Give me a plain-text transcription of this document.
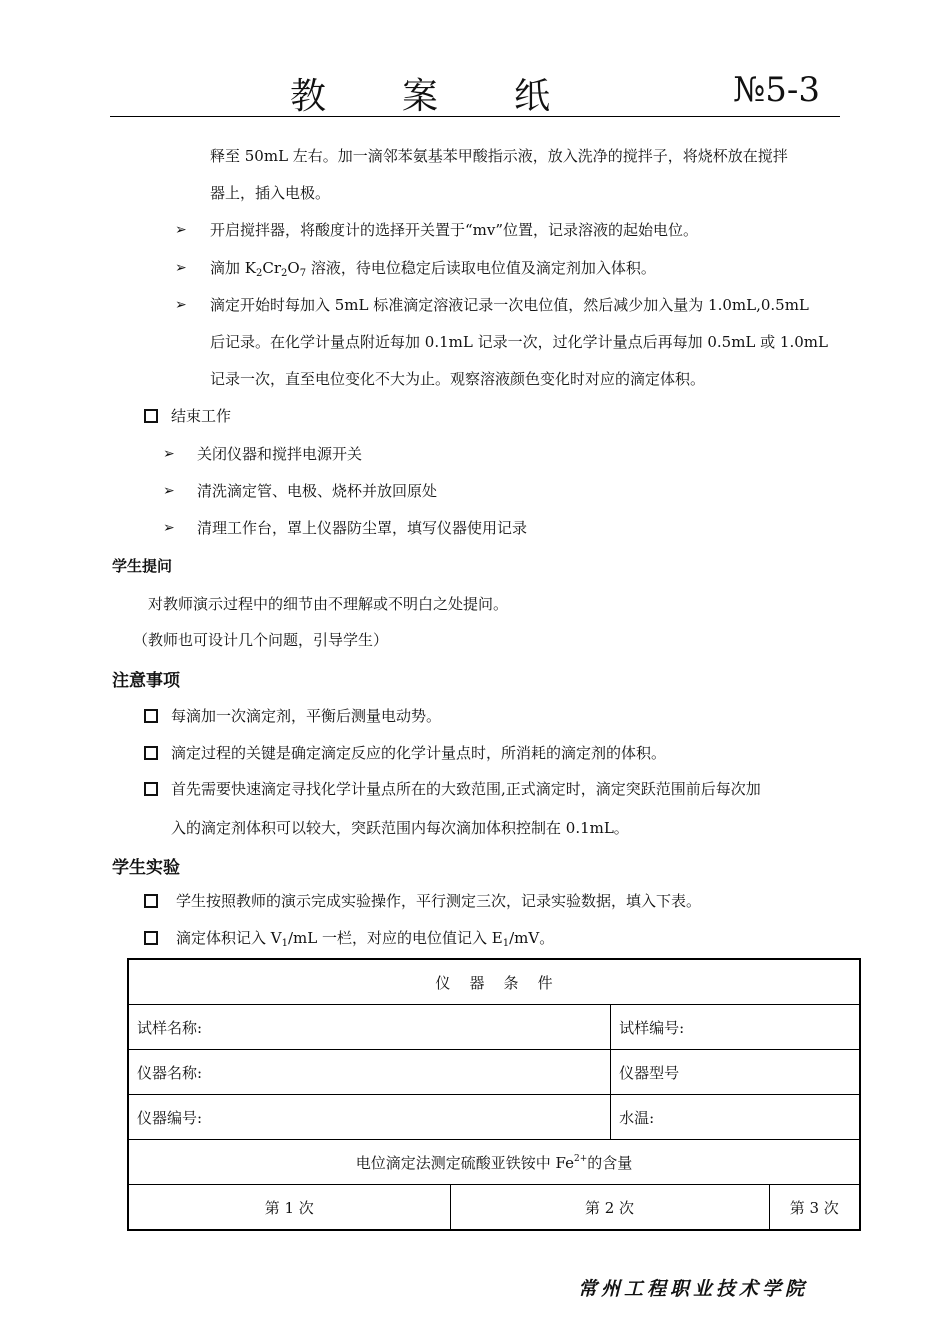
教案纸	№5-3
释至 50mL 左右。加一滴邻苯氨基苯甲酸指示液，放入洗净的搅拌子，将烧杯放在搅拌
器上，插入电极。
➢ 开启搅拌器，将酸度计的选择开关置于“mv”位置，记录溶液的起始电位。
➢ 滴加 $K_2Cr_2O_7$ 溶液，待电位稳定后读取电位值及滴定剂加入体积。
➢ 滴定开始时每加入 5mL 标准滴定溶液记录一次电位值，然后减少加入量为 1.0mL,0.5mL
后记录。在化学计量点附近每加 0.1mL 记录一次，过化学计量点后再每加 0.5mL 或 1.0mL
记录一次，直至电位变化不大为止。观察溶液颜色变化时对应的滴定体积。
结束工作
➢ 关闭仪器和搅拌电源开关
➢ 清洗滴定管、电极、烧杯并放回原处
➢ 清理工作台，罩上仪器防尘罩，填写仪器使用记录
学生提问
对教师演示过程中的细节由不理解或不明白之处提问。
（教师也可设计几个问题，引导学生）
注意事项
每滴加一次滴定剂，平衡后测量电动势。
滴定过程的关键是确定滴定反应的化学计量点时，所消耗的滴定剂的体积。
首先需要快速滴定寻找化学计量点所在的大致范围,正式滴定时，滴定突跃范围前后每次加
入的滴定剂体积可以较大，突跃范围内每次滴加体积控制在 0.1mL。
学生实验
学生按照教师的演示完成实验操作，平行测定三次，记录实验数据，填入下表。
滴定体积记入 $V_1/mL$ 一栏，对应的电位值记入 $E_1/mV$。
仪    器    条    件			
试样名称:		试样编号:	
仪器名称:		仪器型号	
仪器编号:		水温:	
电位滴定法测定硫酸亚铁铵中 $Fe^{2+}$的含量			
第 1 次	第 2 次		第 3 次
常州工程职业技术学院
